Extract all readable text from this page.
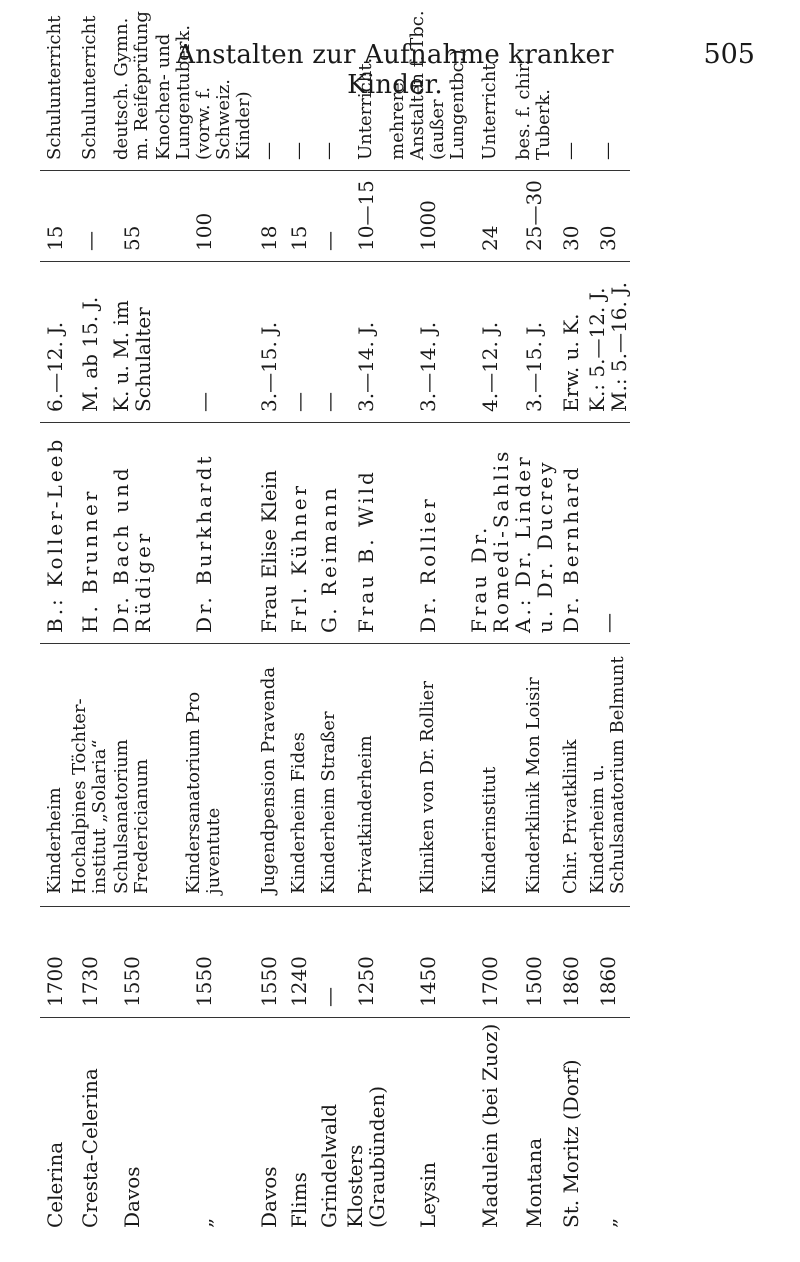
Anstalten zur Aufnahme kranker Kinder.
505
Celerina	1700	Kinderheim	B.: Koller-Leeb	6.—12. J.	15	Schulunterricht
Cresta-Celerina	1730	Hochalpines Töchter-institut „Solaria“	H. Brunner	M. ab 15. J.	—	Schulunterricht
Davos	1550	Schulsanatorium Fredericianum	Dr. Bach und Rüdiger	K. u. M. im Schulalter	55	deutsch. Gymn. m. Reifeprüfung
„	1550	Kindersanatorium Pro juventute	Dr. Burkhardt	—	100	Knochen- und Lungentuberk. (vorw. f. Schweiz. Kinder)
Davos	1550	Jugendpension Pravenda	Frau Elise Klein	3.—15. J.	18	—
Flims	1240	Kinderheim Fides	Frl. Kühner	—	15	—
Grindelwald	—	Kinderheim Straßer	G. Reimann	—	—	—
Klosters (Graubünden)	1250	Privatkinderheim	Frau B. Wild	3.—14. J.	10—15	Unterricht.
Leysin	1450	Kliniken von Dr. Rollier	Dr. Rollier	3.—14. J.	1000	mehrere Anstalten f. Tbc. (außer Lungentbc.)
Madulein (bei Zuoz)	1700	Kinderinstitut	Frau Dr. Romedi-Sahlis	4.—12. J.	24	Unterricht
Montana	1500	Kinderklinik Mon Loisir	A.: Dr. Linder u. Dr. Ducrey	3.—15. J.	25—30	bes. f. chir. Tuberk.
St. Moritz (Dorf)	1860	Chir. Privatklinik	Dr. Bernhard	Erw. u. K.	30	—
„	1860	Kinderheim u. Schulsanatorium Belmunt	—	K.: 5.—12. J. M.: 5.—16. J.	30	—
